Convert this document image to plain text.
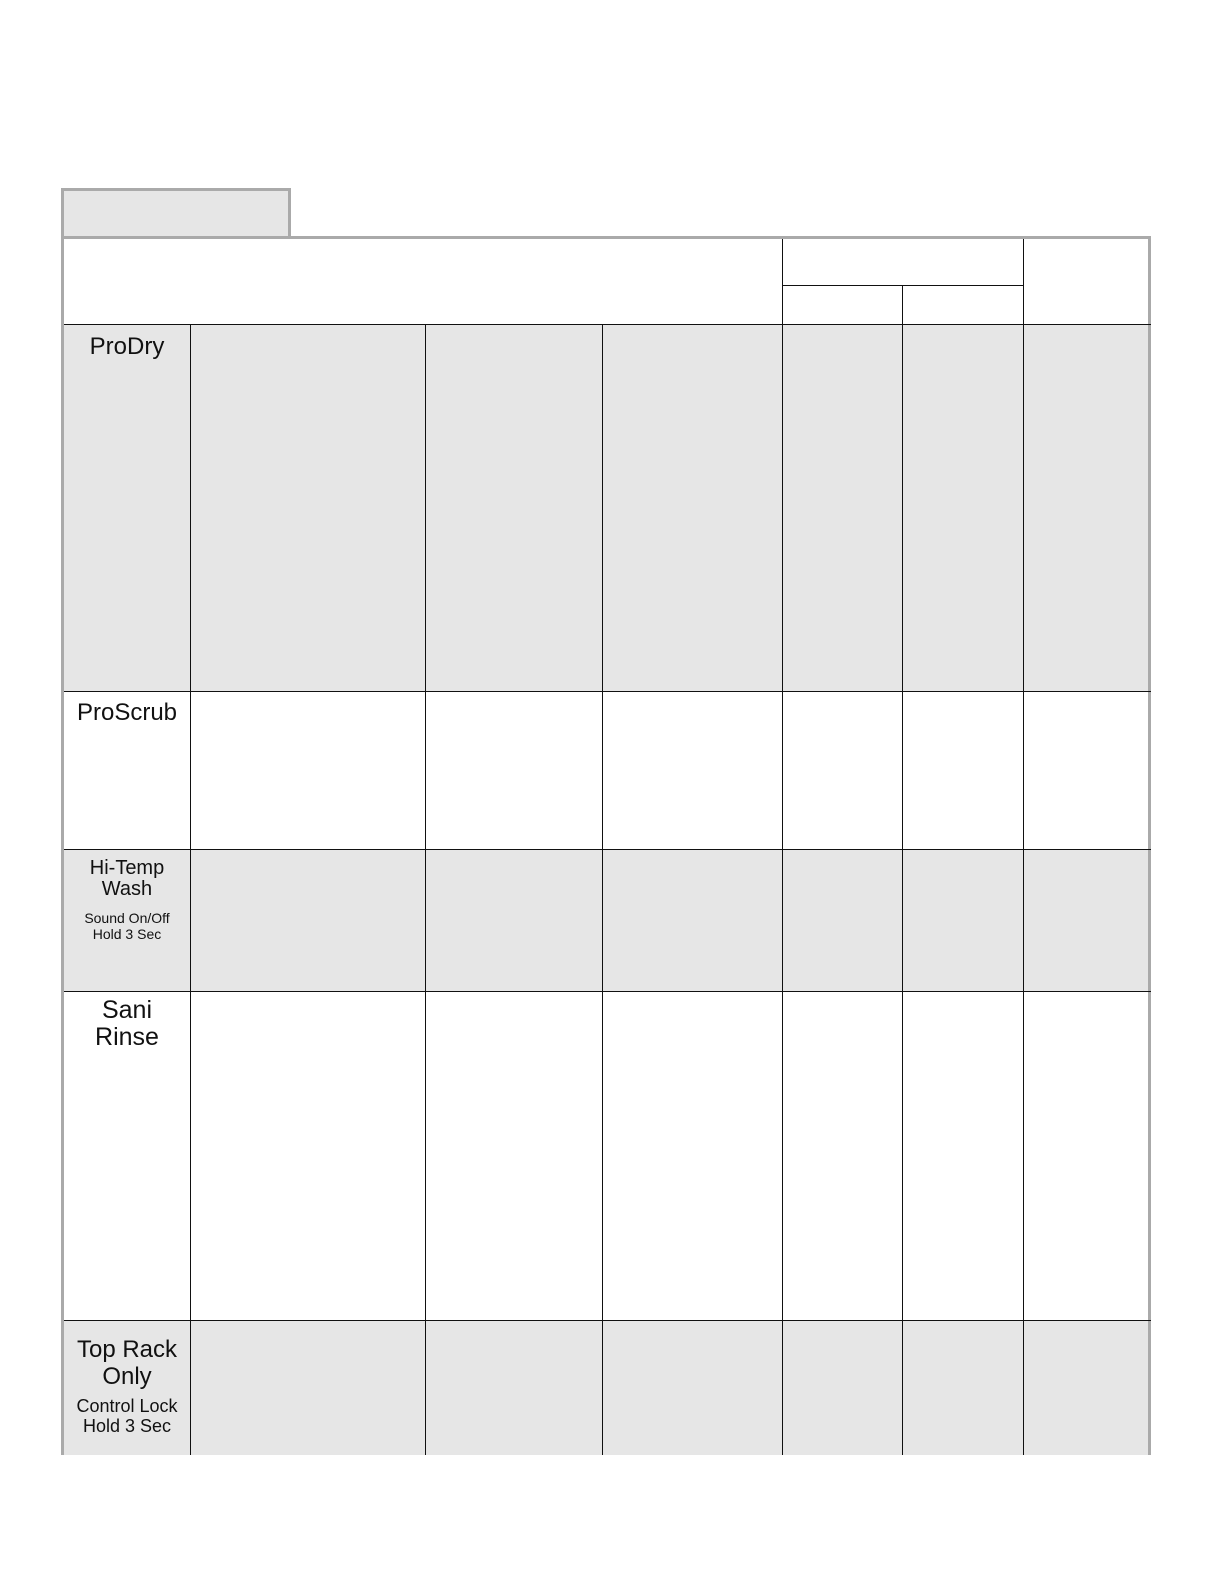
ProDry
ProScrub
Hi-Temp
Wash
Sound On/Off
Hold 3 Sec
Sani
Rinse
Top Rack
Only
Control Lock
Hold 3 Sec
